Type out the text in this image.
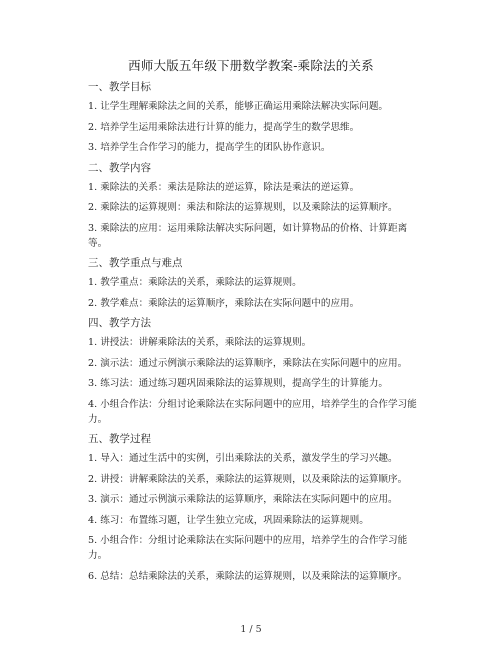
西师大版五年级下册数学教案-乘除法的关系

一、教学目标

1. 让学生理解乘除法之间的关系，能够正确运用乘除法解决实际问题。

2. 培养学生运用乘除法进行计算的能力，提高学生的数学思维。

3. 培养学生合作学习的能力，提高学生的团队协作意识。

二、教学内容

1. 乘除法的关系：乘法是除法的逆运算，除法是乘法的逆运算。

2. 乘除法的运算规则：乘法和除法的运算规则，以及乘除法的运算顺序。

3. 乘除法的应用：运用乘除法解决实际问题，如计算物品的价格、计算距离等。

三、教学重点与难点

1. 教学重点：乘除法的关系，乘除法的运算规则。

2. 教学难点：乘除法的运算顺序，乘除法在实际问题中的应用。

四、教学方法

1. 讲授法：讲解乘除法的关系，乘除法的运算规则。

2. 演示法：通过示例演示乘除法的运算顺序，乘除法在实际问题中的应用。

3. 练习法：通过练习题巩固乘除法的运算规则，提高学生的计算能力。

4. 小组合作法：分组讨论乘除法在实际问题中的应用，培养学生的合作学习能力。

五、教学过程

1. 导入：通过生活中的实例，引出乘除法的关系，激发学生的学习兴趣。

2. 讲授：讲解乘除法的关系，乘除法的运算规则，以及乘除法的运算顺序。

3. 演示：通过示例演示乘除法的运算顺序，乘除法在实际问题中的应用。

4. 练习：布置练习题，让学生独立完成，巩固乘除法的运算规则。

5. 小组合作：分组讨论乘除法在实际问题中的应用，培养学生的合作学习能力。

6. 总结：总结乘除法的关系，乘除法的运算规则，以及乘除法的运算顺序。

1 / 5
